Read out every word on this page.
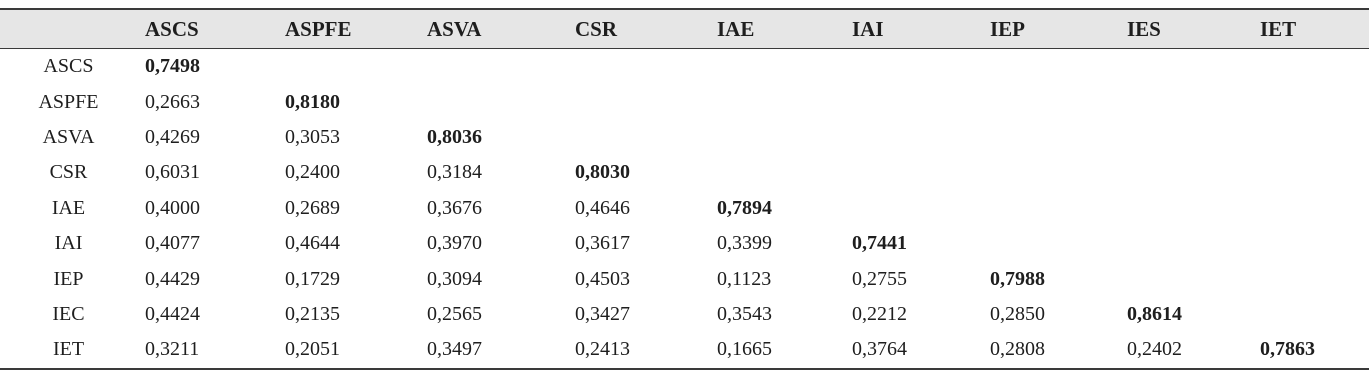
	ASCS	ASPFE	ASVA	CSR	IAE	IAI	IEP	IES	IET
ASCS	0,7498								
ASPFE	0,2663	0,8180							
ASVA	0,4269	0,3053	0,8036						
CSR	0,6031	0,2400	0,3184	0,8030					
IAE	0,4000	0,2689	0,3676	0,4646	0,7894				
IAI	0,4077	0,4644	0,3970	0,3617	0,3399	0,7441			
IEP	0,4429	0,1729	0,3094	0,4503	0,1123	0,2755	0,7988		
IEC	0,4424	0,2135	0,2565	0,3427	0,3543	0,2212	0,2850	0,8614	
IET	0,3211	0,2051	0,3497	0,2413	0,1665	0,3764	0,2808	0,2402	0,7863
